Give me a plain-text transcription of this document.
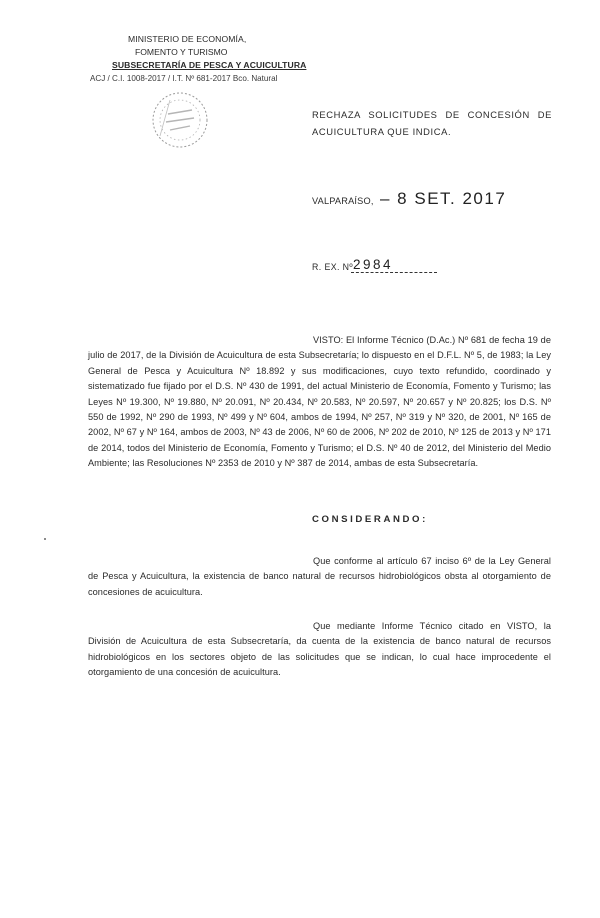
MINISTERIO DE ECONOMÍA,
FOMENTO Y TURISMO
SUBSECRETARÍA DE PESCA Y ACUICULTURA
ACJ / C.I. 1008-2017 / I.T. Nº 681-2017 Bco. Natural
RECHAZA SOLICITUDES DE CONCESIÓN DE ACUICULTURA QUE INDICA.
VALPARAÍSO, – 8 SET. 2017
R. EX. Nº 2984
VISTO: El Informe Técnico (D.Ac.) Nº 681 de fecha 19 de julio de 2017, de la División de Acuicultura de esta Subsecretaría; lo dispuesto en el D.F.L. Nº 5, de 1983; la Ley General de Pesca y Acuicultura Nº 18.892 y sus modificaciones, cuyo texto refundido, coordinado y sistematizado fue fijado por el D.S. Nº 430 de 1991, del actual Ministerio de Economía, Fomento y Turismo; las Leyes Nº 19.300, Nº 19.880, Nº 20.091, Nº 20.434, Nº 20.583, Nº 20.597, Nº 20.657 y Nº 20.825; los D.S. Nº 550 de 1992, Nº 290 de 1993, Nº 499 y Nº 604, ambos de 1994, Nº 257, Nº 319 y Nº 320, de 2001, Nº 165 de 2002, Nº 67 y Nº 164, ambos de 2003, Nº 43 de 2006, Nº 60 de 2006, Nº 202 de 2010, Nº 125 de 2013 y Nº 171 de 2014, todos del Ministerio de Economía, Fomento y Turismo; el D.S. Nº 40 de 2012, del Ministerio del Medio Ambiente; las Resoluciones Nº 2353 de 2010 y Nº 387 de 2014, ambas de esta Subsecretaría.
CONSIDERANDO:
Que conforme al artículo 67 inciso 6º de la Ley General de Pesca y Acuicultura, la existencia de banco natural de recursos hidrobiológicos obsta al otorgamiento de concesiones de acuicultura.
Que mediante Informe Técnico citado en VISTO, la División de Acuicultura de esta Subsecretaría, da cuenta de la existencia de banco natural de recursos hidrobiológicos en los sectores objeto de las solicitudes que se indican, lo cual hace improcedente el otorgamiento de una concesión de acuicultura.
